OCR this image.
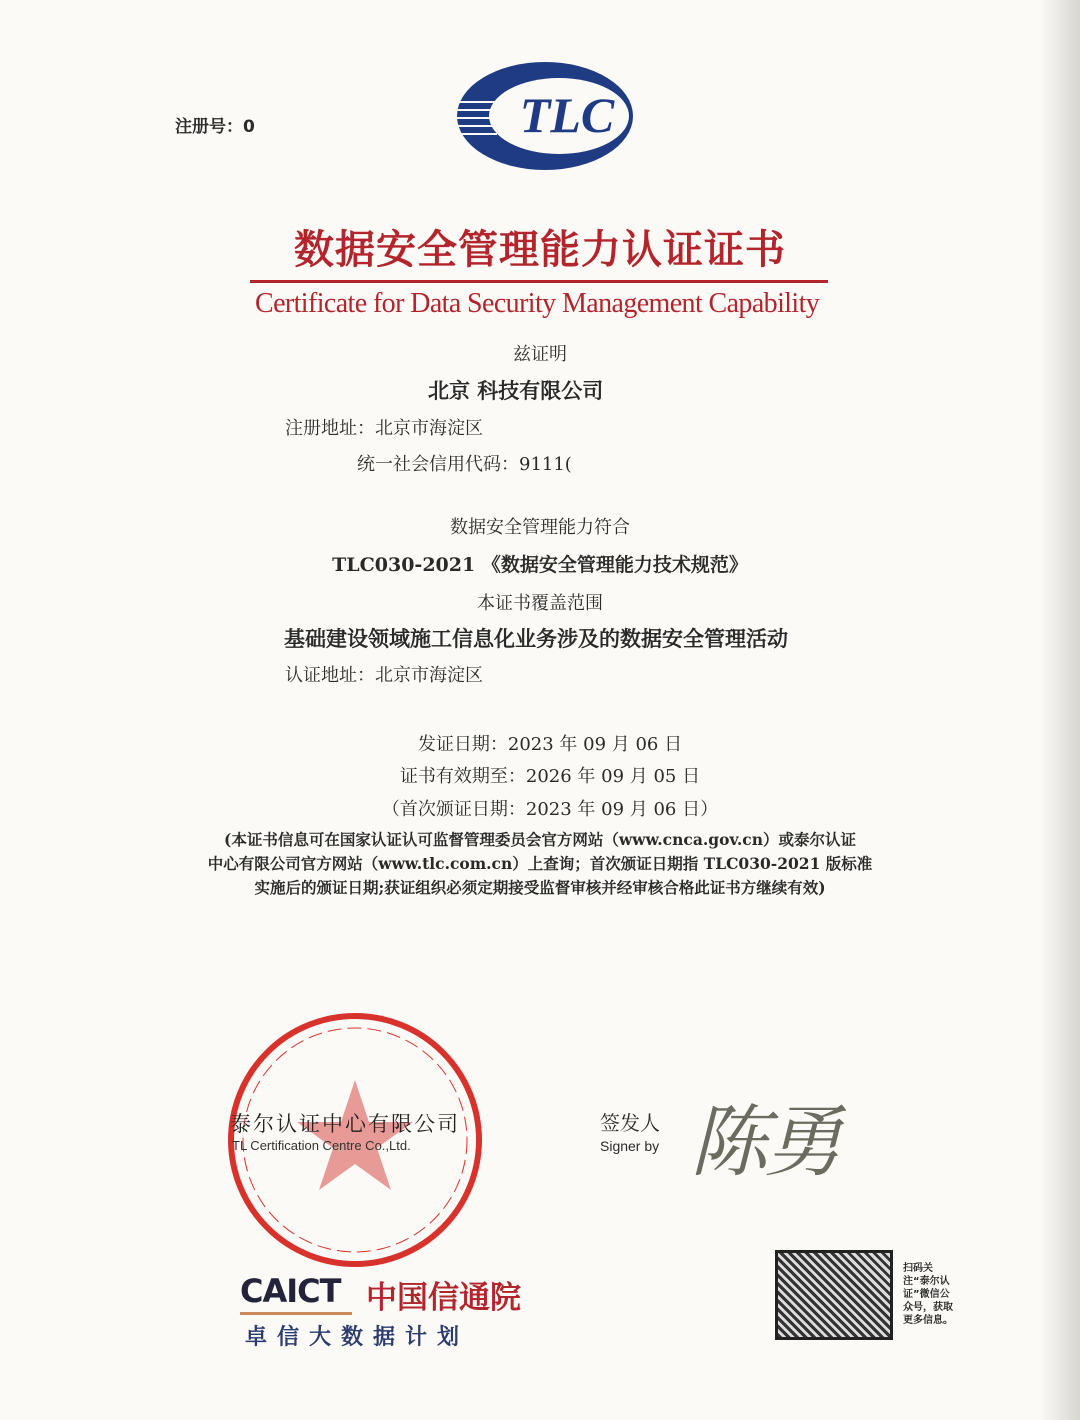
注册号：0	TLC
数据安全管理能力认证证书
Certificate for Data Security Management Capability
兹证明
北京 科技有限公司
注册地址：北京市海淀区
统一社会信用代码：9111(
数据安全管理能力符合
TLC030-2021 《数据安全管理能力技术规范》
本证书覆盖范围
基础建设领域施工信息化业务涉及的数据安全管理活动
认证地址：北京市海淀区
发证日期：2023 年 09 月 06 日
证书有效期至：2026 年 09 月 05 日
（首次颁证日期：2023 年 09 月 06 日）
(本证书信息可在国家认证认可监督管理委员会官方网站（www.cnca.gov.cn）或泰尔认证
中心有限公司官方网站（www.tlc.com.cn）上查询；首次颁证日期指 TLC030-2021 版标准
实施后的颁证日期;获证组织必须定期接受监督审核并经审核合格此证书方继续有效)
泰尔认证中心有限公司
TL Certification Centre Co.,Ltd.
签发人
Signer by 陈勇
CAICT 中国信通院
卓信大数据计划
扫码关注“泰尔认证”微信公众号，获取更多信息。
